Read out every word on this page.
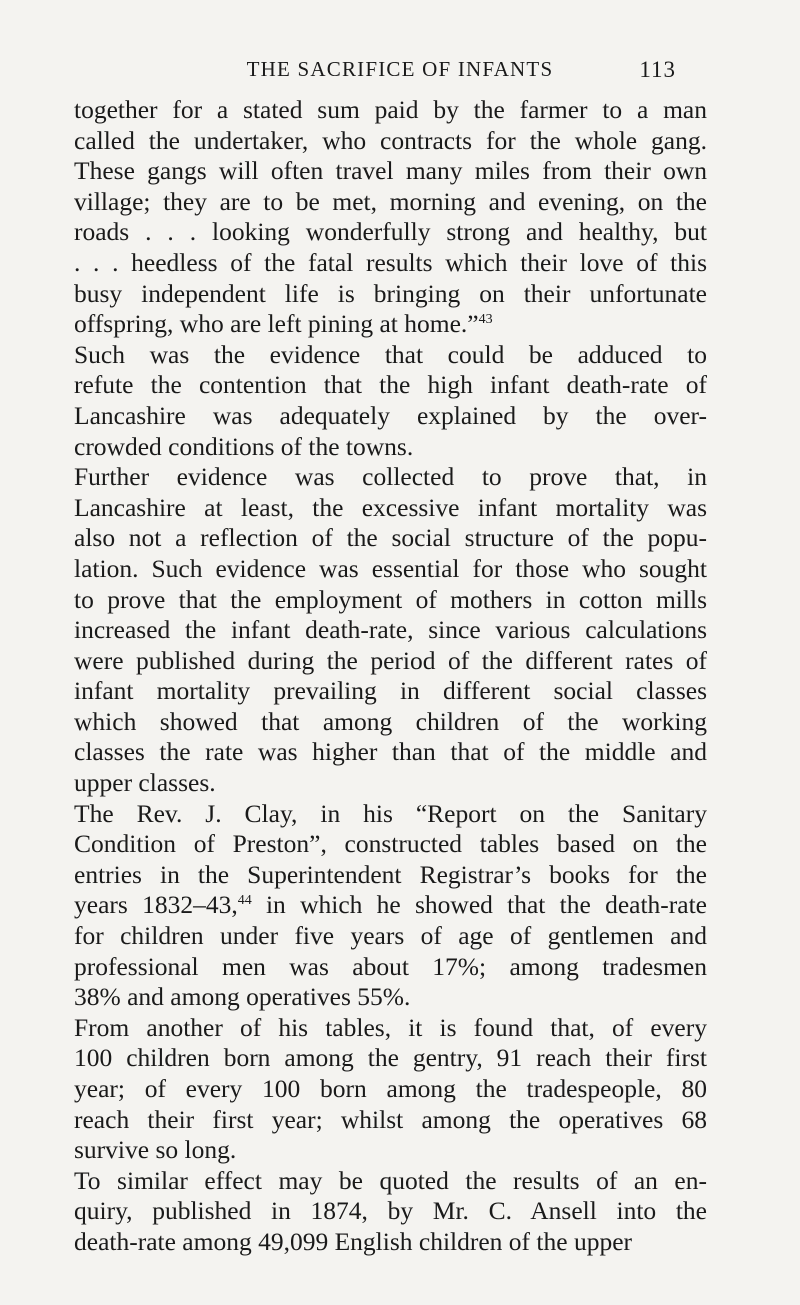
THE SACRIFICE OF INFANTS	113
together for a stated sum paid by the farmer to a man
called the undertaker, who contracts for the whole gang.
These gangs will often travel many miles from their own
village; they are to be met, morning and evening, on the
roads . . . looking wonderfully strong and healthy, but
. . . heedless of the fatal results which their love of this
busy independent life is bringing on their unfortunate
offspring, who are left pining at home.”$^{43}$
Such was the evidence that could be adduced to
refute the contention that the high infant death-rate of
Lancashire was adequately explained by the over-
crowded conditions of the towns.
Further evidence was collected to prove that, in
Lancashire at least, the excessive infant mortality was
also not a reflection of the social structure of the popu-
lation. Such evidence was essential for those who sought
to prove that the employment of mothers in cotton mills
increased the infant death-rate, since various calculations
were published during the period of the different rates of
infant mortality prevailing in different social classes
which showed that among children of the working
classes the rate was higher than that of the middle and
upper classes.
The Rev. J. Clay, in his “Report on the Sanitary
Condition of Preston”, constructed tables based on the
entries in the Superintendent Registrar’s books for the
years 1832–43,44 in which he showed that the death-rate
for children under five years of age of gentlemen and
professional men was about 17%; among tradesmen
38% and among operatives 55%.
From another of his tables, it is found that, of every
100 children born among the gentry, 91 reach their first
year; of every 100 born among the tradespeople, 80
reach their first year; whilst among the operatives 68
survive so long.
To similar effect may be quoted the results of an en-
quiry, published in 1874, by Mr. C. Ansell into the
death-rate among 49,099 English children of the upper
